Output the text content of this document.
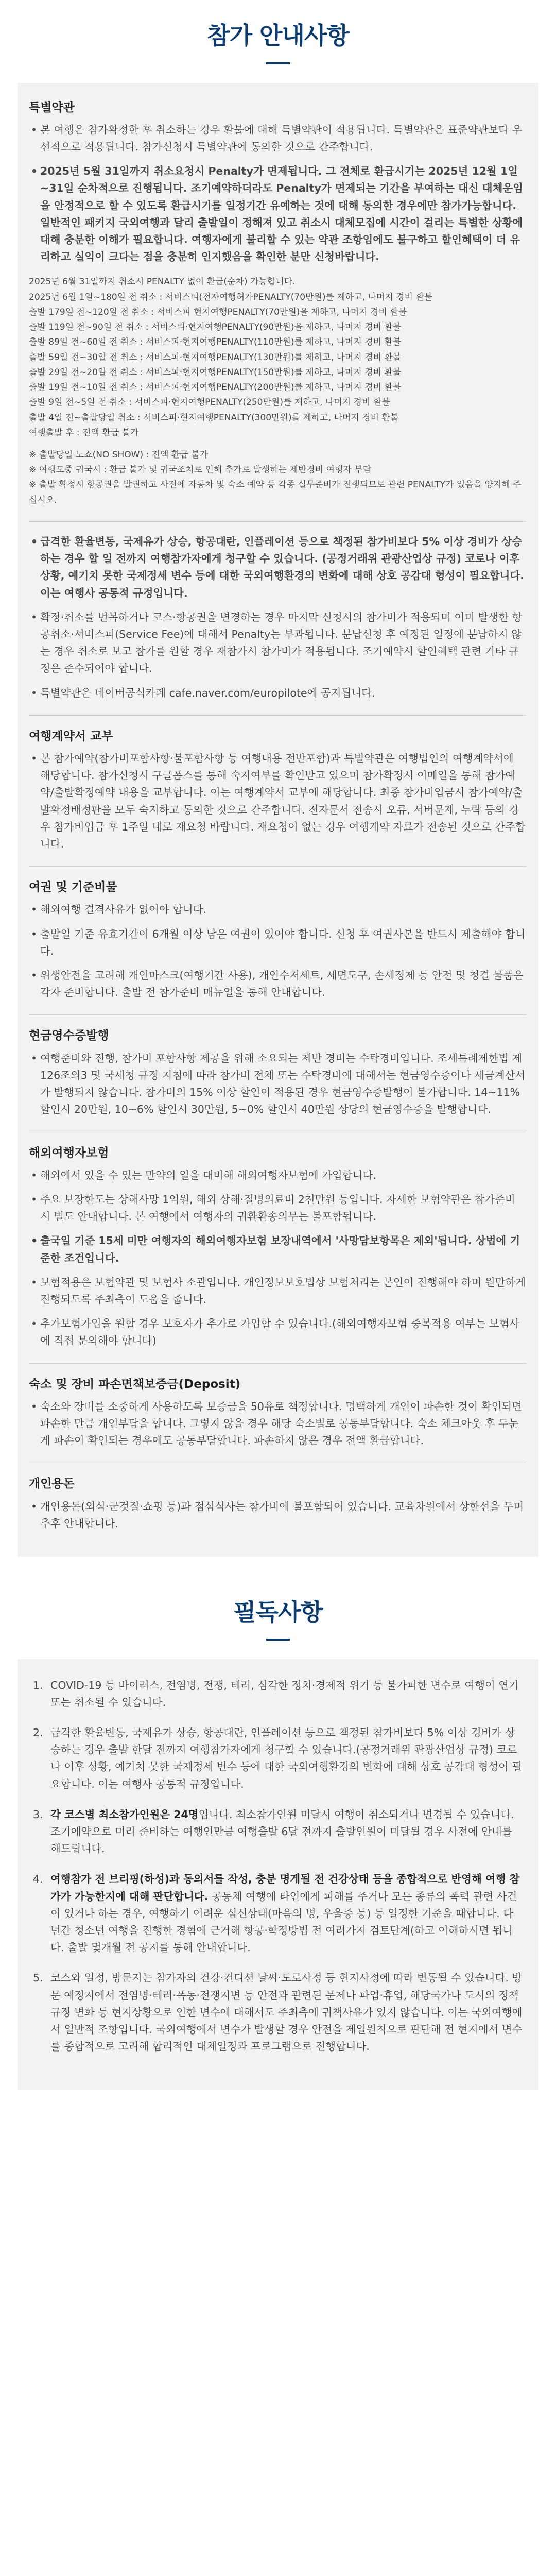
참가 안내사항
특별약관
• 본 여행은 참가확정한 후 취소하는 경우 환불에 대해 특별약관이 적용됩니다. 특별약관은 표준약관보다 우선적으로 적용됩니다. 참가신청시 특별약관에 동의한 것으로 간주합니다.
• 2025년 5월 31일까지 취소요청시 Penalty가 면제됩니다. 그 전체로 환급시기는 2025년 12월 1일~31일 순차적으로 진행됩니다. 조기예약하더라도 Penalty가 면제되는 기간을 부여하는 대신 대체운임을 안정적으로 할 수 있도록 환급시기를 일정기간 유예하는 것에 대해 동의한 경우에만 참가가능합니다. 일반적인 패키지 국외여행과 달리 출발일이 정해져 있고 취소시 대체모집에 시간이 걸리는 특별한 상황에 대해 충분한 이해가 필요합니다. 여행자에게 불리할 수 있는 약관 조항임에도 불구하고 할인혜택이 더 유리하고 실익이 크다는 점을 충분히 인지했음을 확인한 분만 신청바랍니다.

2025년 6월 31일까지 취소시 PENALTY 없이 환급(순차) 가능합니다.

2025년 6월 1일~180일 전 취소 : 서비스피(전자여행허가PENALTY(70만원)를 제하고, 나머지 경비 환불

출발 179일 전~120일 전 취소 : 서비스피 현지여행PENALTY(70만원)을 제하고, 나머지 경비 환불

출발 119일 전~90일 전 취소 : 서비스피·현지여행PENALTY(90만원)을 제하고, 나머지 경비 환불

출발 89일 전~60일 전 취소 : 서비스피·현지여행PENALTY(110만원)를 제하고, 나머지 경비 환불

출발 59일 전~30일 전 취소 : 서비스피·현지여행PENALTY(130만원)를 제하고, 나머지 경비 환불

출발 29일 전~20일 전 취소 : 서비스피·현지여행PENALTY(150만원)를 제하고, 나머지 경비 환불

출발 19일 전~10일 전 취소 : 서비스피·현지여행PENALTY(200만원)를 제하고, 나머지 경비 환불

출발 9일 전~5일 전 취소 : 서비스피·현지여행PENALTY(250만원)를 제하고, 나머지 경비 환불

출발 4일 전~출발당일 취소 : 서비스피·현지여행PENALTY(300만원)를 제하고, 나머지 경비 환불

여행출발 후 : 전액 환급 불가

※ 출발당일 노쇼(NO SHOW) : 전액 환급 불가

※ 여행도중 귀국시 : 환급 불가 및 귀국조치로 인해 추가로 발생하는 제반경비 여행자 부담

※ 출발 확정시 항공권을 발권하고 사전에 자동차 및 숙소 예약 등 각종 실무준비가 진행되므로 관련 PENALTY가 있음을 양지해 주십시오.

• 급격한 환율변동, 국제유가 상승, 항공대란, 인플레이션 등으로 책정된 참가비보다 5% 이상 경비가 상승하는 경우 할 일 전까지 여행참가자에게 청구할 수 있습니다. (공정거래위 관광산업상 규정) 코로나 이후 상황, 예기치 못한 국제정세 변수 등에 대한 국외여행환경의 변화에 대해 상호 공감대 형성이 필요합니다. 이는 여행사 공통적 규정입니다.
• 확정·취소를 번복하거나 코스·항공권을 변경하는 경우 마지막 신청시의 참가비가 적용되며 이미 발생한 항공취소·서비스피(Service Fee)에 대해서 Penalty는 부과됩니다. 분납신청 후 예정된 일정에 분납하지 않는 경우 취소로 보고 참가를 원할 경우 재참가시 참가비가 적용됩니다. 조기예약시 할인혜택 관련 기타 규정은 준수되어야 합니다.
• 특별약관은 네이버공식카페 cafe.naver.com/europilote에 공지됩니다.
여행계약서 교부
• 본 참가예약(참가비포함사항·불포함사항 등 여행내용 전반포함)과 특별약관은 여행법인의 여행계약서에 해당합니다. 참가신청시 구글폼스를 통해 숙지여부를 확인받고 있으며 참가확정시 이메일을 통해 참가예약/출발확정예약 내용을 교부합니다. 이는 여행계약서 교부에 해당합니다. 최종 참가비입금시 참가예약/출발확정배정판을 모두 숙지하고 동의한 것으로 간주합니다. 전자문서 전송시 오류, 서버문제, 누락 등의 경우 참가비입금 후 1주일 내로 재요청 바랍니다. 재요청이 없는 경우 여행계약 자료가 전송된 것으로 간주합니다.
여권 및 기준비물
• 해외여행 결격사유가 없어야 합니다.
• 출발일 기준 유효기간이 6개월 이상 남은 여권이 있어야 합니다. 신청 후 여권사본을 반드시 제출해야 합니다.
• 위생안전을 고려해 개인마스크(여행기간 사용), 개인수저세트, 세면도구, 손세정제 등 안전 및 청결 물품은 각자 준비합니다. 출발 전 참가준비 매뉴얼을 통해 안내합니다.
현금영수증발행
• 여행준비와 진행, 참가비 포함사항 제공을 위해 소요되는 제반 경비는 수탁경비입니다. 조세특례제한법 제126조의3 및 국세청 규정 지침에 따라 참가비 전체 또는 수탁경비에 대해서는 현금영수증이나 세금계산서가 발행되지 않습니다. 참가비의 15% 이상 할인이 적용된 경우 현금영수증발행이 불가합니다. 14~11% 할인시 20만원, 10~6% 할인시 30만원, 5~0% 할인시 40만원 상당의 현금영수증을 발행합니다.
해외여행자보험
• 해외에서 있을 수 있는 만약의 일을 대비해 해외여행자보험에 가입합니다.
• 주요 보장한도는 상해사망 1억원, 해외 상해·질병의료비 2천만원 등입니다. 자세한 보험약관은 참가준비 시 별도 안내합니다. 본 여행에서 여행자의 귀환환송의무는 불포함됩니다.
• 출국일 기준 15세 미만 여행자의 해외여행자보험 보장내역에서 '사망담보항목은 제외'됩니다. 상법에 기준한 조건입니다.
• 보험적용은 보험약관 및 보험사 소관입니다. 개인정보보호법상 보험처리는 본인이 진행해야 하며 원만하게 진행되도록 주최측이 도움을 줍니다.
• 추가보험가입을 원할 경우 보호자가 추가로 가입할 수 있습니다.(해외여행자보험 중복적용 여부는 보험사에 직접 문의해야 합니다)
숙소 및 장비 파손면책보증금(Deposit)
• 숙소와 장비를 소중하게 사용하도록 보증금을 50유로 책정합니다. 명백하게 개인이 파손한 것이 확인되면 파손한 만큼 개인부담을 합니다. 그렇지 않을 경우 해당 숙소별로 공동부담합니다. 숙소 체크아웃 후 두눈게 파손이 확인되는 경우에도 공동부담합니다. 파손하지 않은 경우 전액 환급합니다.
개인용돈
• 개인용돈(외식·군것질·쇼핑 등)과 점심식사는 참가비에 불포함되어 있습니다. 교육차원에서 상한선을 두며 추후 안내합니다.
필독사항
1. COVID-19 등 바이러스, 전염병, 전쟁, 테러, 심각한 정치·경제적 위기 등 불가피한 변수로 여행이 연기 또는 취소될 수 있습니다.
2. 급격한 환율변동, 국제유가 상승, 항공대란, 인플레이션 등으로 책정된 참가비보다 5% 이상 경비가 상승하는 경우 출발 한달 전까지 여행참가자에게 청구할 수 있습니다.(공정거래위 관광산업상 규정) 코로나 이후 상황, 예기치 못한 국제정세 변수 등에 대한 국외여행환경의 변화에 대해 상호 공감대 형성이 필요합니다. 이는 여행사 공통적 규정입니다.
3. 각 코스별 최소참가인원은 24명입니다. 최소참가인원 미달시 여행이 취소되거나 변경될 수 있습니다. 조기예약으로 미리 준비하는 여행인만큼 여행출발 6달 전까지 출발인원이 미달될 경우 사전에 안내를 해드립니다.
4. 여행참가 전 브리핑(하성)과 동의서를 작성, 충분 명게될 전 건강상태 등을 종합적으로 반영해 여행 참가가 가능한지에 대해 판단합니다. 공동체 여행에 타인에게 피해를 주거나 모든 종류의 폭력 관련 사건이 있거나 하는 경우, 여행하기 어려운 심신상태(마음의 병, 우울증 등) 등 일정한 기준을 때합니다. 다년간 청소년 여행을 진행한 경험에 근거해 항공·학정방법 전 여러가지 검토단계(하고 이해하시면 됩니다. 출발 몇개월 전 공지를 통해 안내합니다.
5. 코스와 일정, 방문지는 참가자의 건강·컨디션 날씨·도로사정 등 현지사정에 따라 변동될 수 있습니다. 방문 예정지에서 전염병·테러·폭동·전쟁지변 등 안전과 관련된 문제나 파업·휴업, 해당국가나 도시의 정책규정 변화 등 현지상황으로 인한 변수에 대해서도 주최측에 귀책사유가 있지 않습니다. 이는 국외여행에서 일반적 조항입니다. 국외여행에서 변수가 발생할 경우 안전을 제일원칙으로 판단해 전 현지에서 변수를 종합적으로 고려해 합리적인 대체일정과 프로그램으로 진행합니다.
